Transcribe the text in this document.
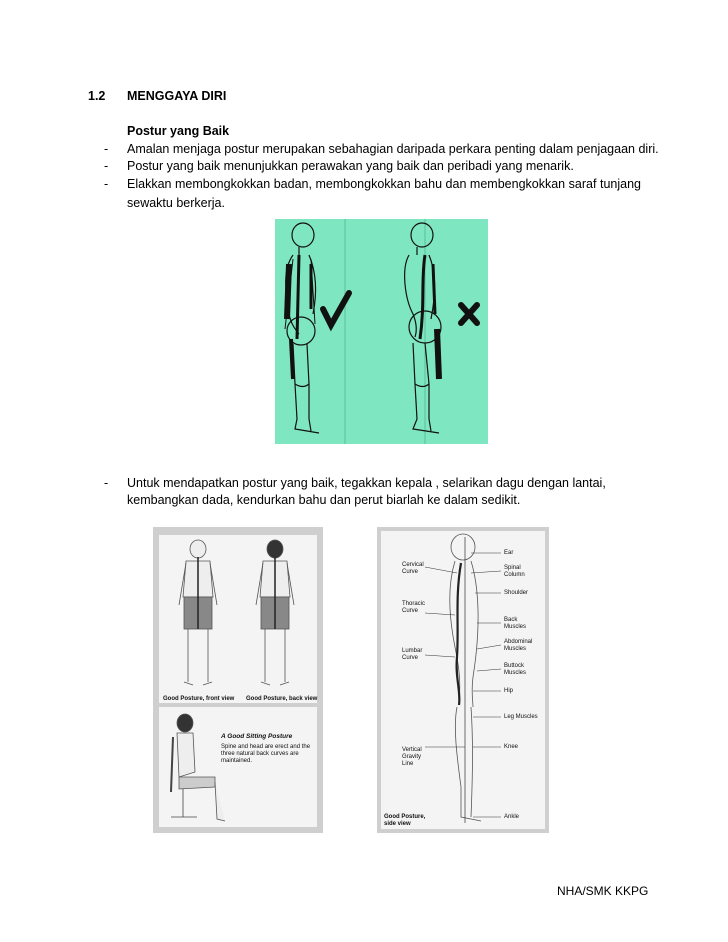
1.2 MENGGAYA DIRI
Postur yang Baik
- Amalan menjaga postur merupakan sebahagian daripada perkara penting dalam penjagaan diri.
- Postur yang baik menunjukkan perawakan yang baik dan peribadi yang menarik.
- Elakkan membongkokkan badan, membongkokkan bahu dan membengkokkan saraf tunjang
sewaktu berkerja.
- Untuk mendapatkan postur yang baik, tegakkan kepala , selarikan dagu dengan lantai,
kembangkan dada, kendurkan bahu dan perut biarlah ke dalam sedikit.
Good Posture, front view Good Posture, back view
A Good Sitting Posture
Spine and head are erect and the
three natural back curves are
maintained.
Cervical
Curve
Thoracic
Curve
Lumbar
Curve
Vertical
Gravity
Line
Ear
Spinal
Column
Shoulder
Back
Muscles
Abdominal
Muscles
Buttock
Muscles
Hip
Leg Muscles
Knee
Ankle
Good Posture,
side view
NHA/SMK KKPG
